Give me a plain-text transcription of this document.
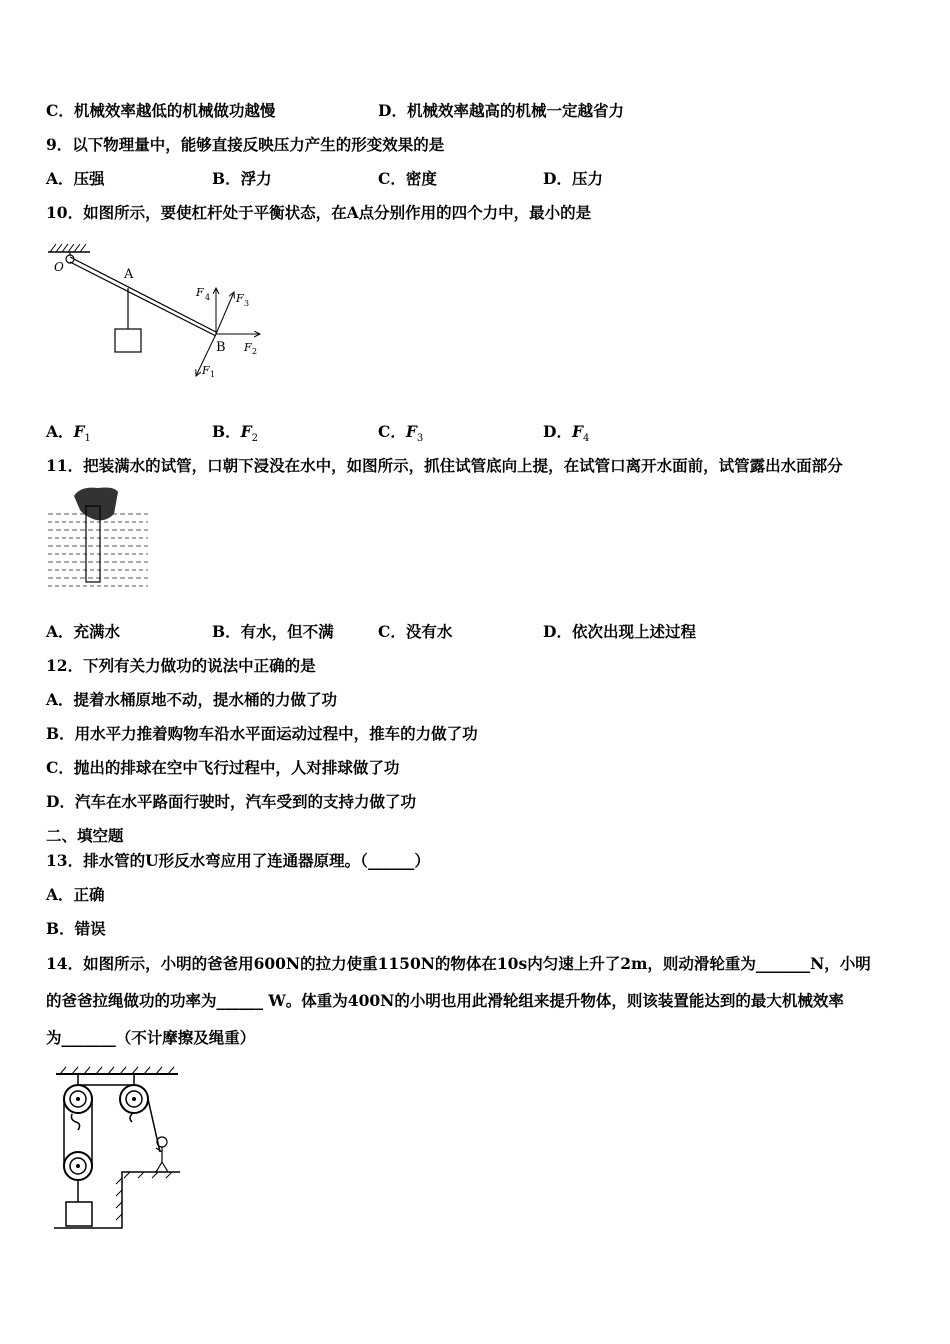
C．机械效率越低的机械做功越慢	D．机械效率越高的机械一定越省力
9．以下物理量中，能够直接反映压力产生的形变效果的是
A．压强	B．浮力	C．密度	D．压力
10．如图所示，要使杠杆处于平衡状态，在A点分别作用的四个力中，最小的是
O	A
F 4 F 3
F 2
F 1
B
A．$F_1$	B．$F_2$	C．$F_3$	D．$F_4$
11．把装满水的试管，口朝下浸没在水中，如图所示，抓住试管底向上提，在试管口离开水面前，试管露出水面部分
A．充满水	B．有水，但不满	C．没有水	D．依次出现上述过程
12．下列有关力做功的说法中正确的是
A．提着水桶原地不动，提水桶的力做了功
B．用水平力推着购物车沿水平面运动过程中，推车的力做了功
C．抛出的排球在空中飞行过程中，人对排球做了功
D．汽车在水平路面行驶时，汽车受到的支持力做了功
二、填空题
13．排水管的U形反水弯应用了连通器原理。（______）
A．正确
B．错误
14．如图所示，小明的爸爸用600N的拉力使重1150N的物体在10s内匀速上升了2m，则动滑轮重为_______N，小明
的爸爸拉绳做功的功率为______ W。体重为400N的小明也用此滑轮组来提升物体，则该装置能达到的最大机械效率
为_______（不计摩擦及绳重）
